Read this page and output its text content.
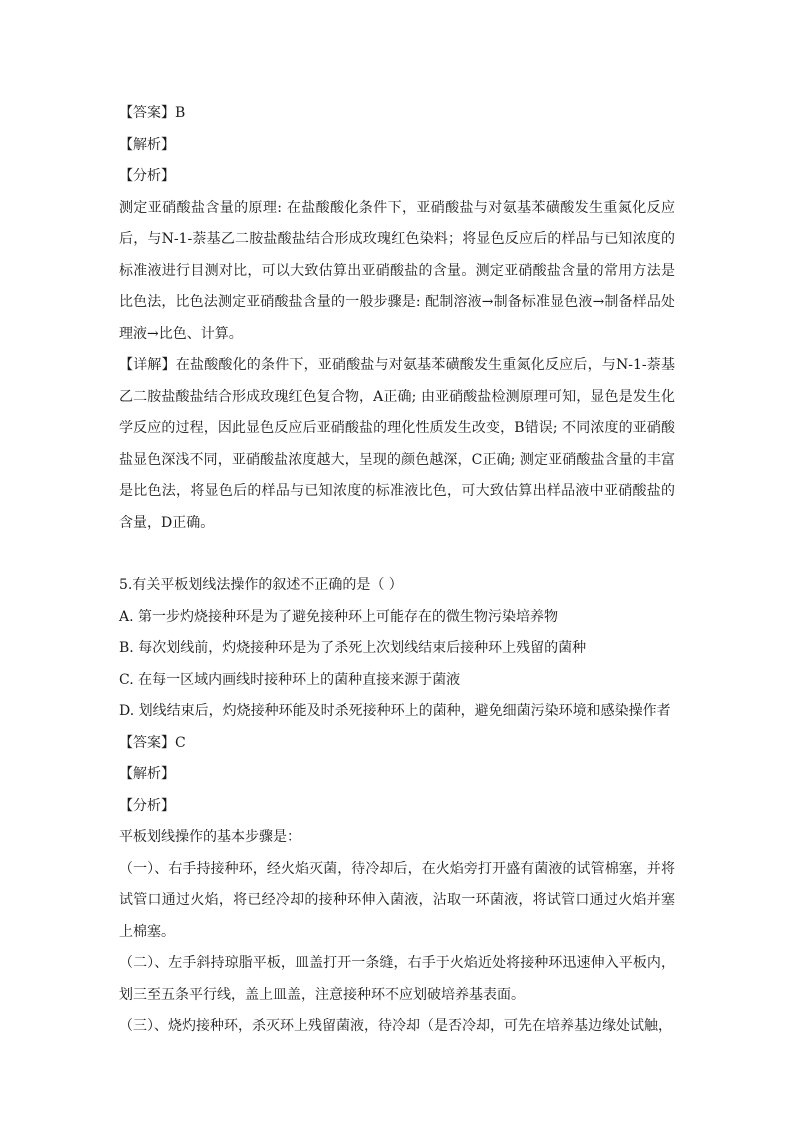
【答案】B

【解析】

【分析】

测定亚硝酸盐含量的原理: 在盐酸酸化条件下，亚硝酸盐与对氨基苯磺酸发生重氮化反应后，与N-1-萘基乙二胺盐酸盐结合形成玫瑰红色染料；将显色反应后的样品与已知浓度的标准液进行目测对比，可以大致估算出亚硝酸盐的含量。测定亚硝酸盐含量的常用方法是比色法，比色法测定亚硝酸盐含量的一般步骤是: 配制溶液→制备标准显色液→制备样品处理液→比色、计算。

【详解】在盐酸酸化的条件下，亚硝酸盐与对氨基苯磺酸发生重氮化反应后，与N-1-萘基乙二胺盐酸盐结合形成玫瑰红色复合物，A正确; 由亚硝酸盐检测原理可知，显色是发生化学反应的过程，因此显色反应后亚硝酸盐的理化性质发生改变，B错误; 不同浓度的亚硝酸盐显色深浅不同，亚硝酸盐浓度越大，呈现的颜色越深，C正确; 测定亚硝酸盐含量的丰富是比色法，将显色后的样品与已知浓度的标准液比色，可大致估算出样品液中亚硝酸盐的含量，D正确。

5.有关平板划线法操作的叙述不正确的是（ ）

A. 第一步灼烧接种环是为了避免接种环上可能存在的微生物污染培养物

B. 每次划线前，灼烧接种环是为了杀死上次划线结束后接种环上残留的菌种

C. 在每一区域内画线时接种环上的菌种直接来源于菌液

D. 划线结束后，灼烧接种环能及时杀死接种环上的菌种，避免细菌污染环境和感染操作者

【答案】C

【解析】

【分析】

平板划线操作的基本步骤是：

（一）、右手持接种环，经火焰灭菌，待冷却后，在火焰旁打开盛有菌液的试管棉塞，并将试管口通过火焰，将已经冷却的接种环伸入菌液，沾取一环菌液，将试管口通过火焰并塞上棉塞。

（二）、左手斜持琼脂平板，皿盖打开一条缝，右手于火焰近处将接种环迅速伸入平板内，划三至五条平行线，盖上皿盖，注意接种环不应划破培养基表面。

（三）、烧灼接种环，杀灭环上残留菌液，待冷却（是否冷却，可先在培养基边缘处试触，
